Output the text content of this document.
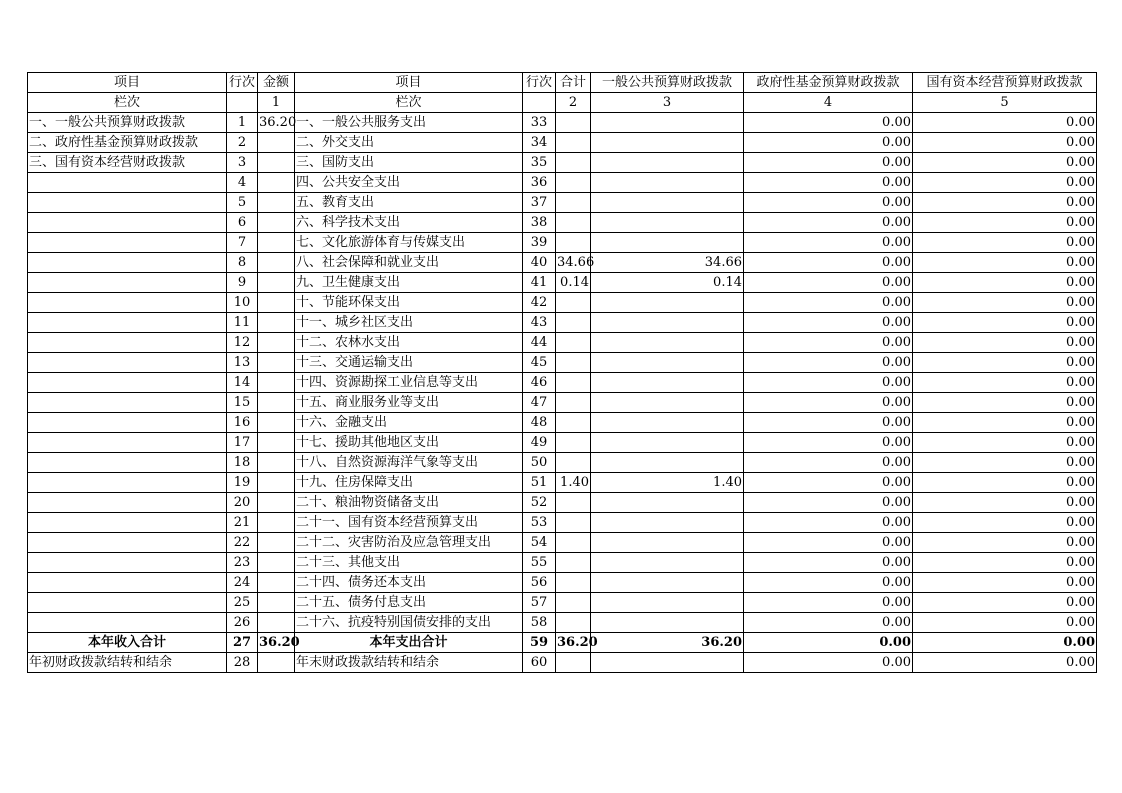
项目	行次	金额	项目	行次	合计	一般公共预算财政拨款	政府性基金预算财政拨款	国有资本经营预算财政拨款
栏次		1	栏次		2	3	4	5
一、一般公共预算财政拨款	1	36.20	一、一般公共服务支出	33			0.00	0.00
二、政府性基金预算财政拨款	2		二、外交支出	34			0.00	0.00
三、国有资本经营财政拨款	3		三、国防支出	35			0.00	0.00
	4		四、公共安全支出	36			0.00	0.00
	5		五、教育支出	37			0.00	0.00
	6		六、科学技术支出	38			0.00	0.00
	7		七、文化旅游体育与传媒支出	39			0.00	0.00
	8		八、社会保障和就业支出	40	34.66	34.66	0.00	0.00
	9		九、卫生健康支出	41	0.14	0.14	0.00	0.00
	10		十、节能环保支出	42			0.00	0.00
	11		十一、城乡社区支出	43			0.00	0.00
	12		十二、农林水支出	44			0.00	0.00
	13		十三、交通运输支出	45			0.00	0.00
	14		十四、资源勘探工业信息等支出	46			0.00	0.00
	15		十五、商业服务业等支出	47			0.00	0.00
	16		十六、金融支出	48			0.00	0.00
	17		十七、援助其他地区支出	49			0.00	0.00
	18		十八、自然资源海洋气象等支出	50			0.00	0.00
	19		十九、住房保障支出	51	1.40	1.40	0.00	0.00
	20		二十、粮油物资储备支出	52			0.00	0.00
	21		二十一、国有资本经营预算支出	53			0.00	0.00
	22		二十二、灾害防治及应急管理支出	54			0.00	0.00
	23		二十三、其他支出	55			0.00	0.00
	24		二十四、债务还本支出	56			0.00	0.00
	25		二十五、债务付息支出	57			0.00	0.00
	26		二十六、抗疫特别国债安排的支出	58			0.00	0.00
本年收入合计	27	36.20	本年支出合计	59	36.20	36.20	0.00	0.00
年初财政拨款结转和结余	28		年末财政拨款结转和结余	60			0.00	0.00
